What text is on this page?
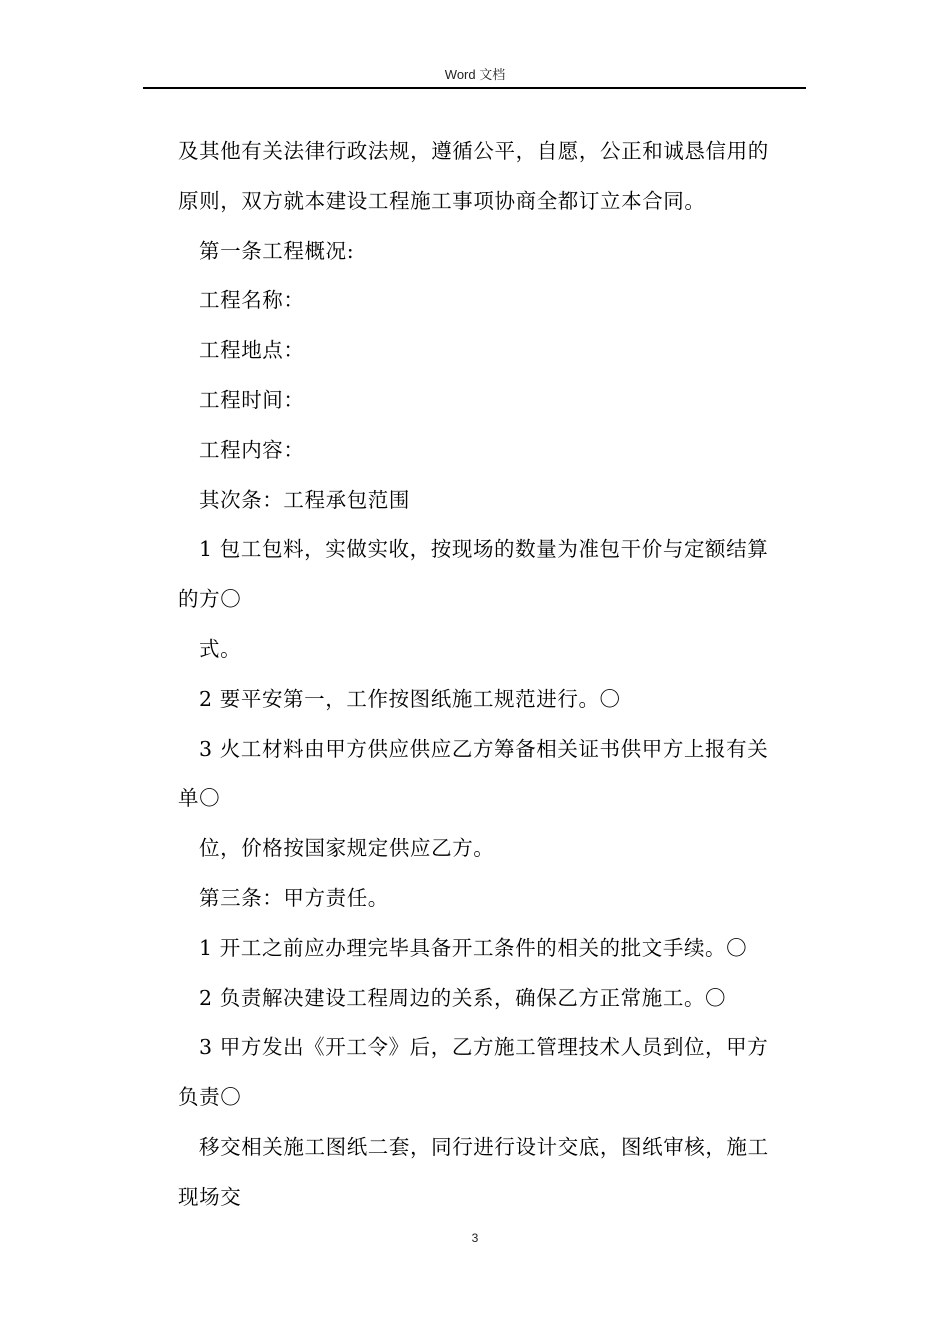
Word 文档

及其他有关法律行政法规，遵循公平，自愿，公正和诚恳信用的

原则，双方就本建设工程施工事项协商全都订立本合同。

第一条工程概况:

工程名称：

工程地点：

工程时间：

工程内容：

其次条：工程承包范围

1 包工包料，实做实收，按现场的数量为准包干价与定额结算

的方〇

式。

2 要平安第一，工作按图纸施工规范进行。〇

3 火工材料由甲方供应供应乙方筹备相关证书供甲方上报有关

单〇

位，价格按国家规定供应乙方。

第三条：甲方责任。

1 开工之前应办理完毕具备开工条件的相关的批文手续。〇

2 负责解决建设工程周边的关系，确保乙方正常施工。〇

3 甲方发出《开工令》后，乙方施工管理技术人员到位，甲方

负责〇

移交相关施工图纸二套，同行进行设计交底，图纸审核，施工

现场交

3
